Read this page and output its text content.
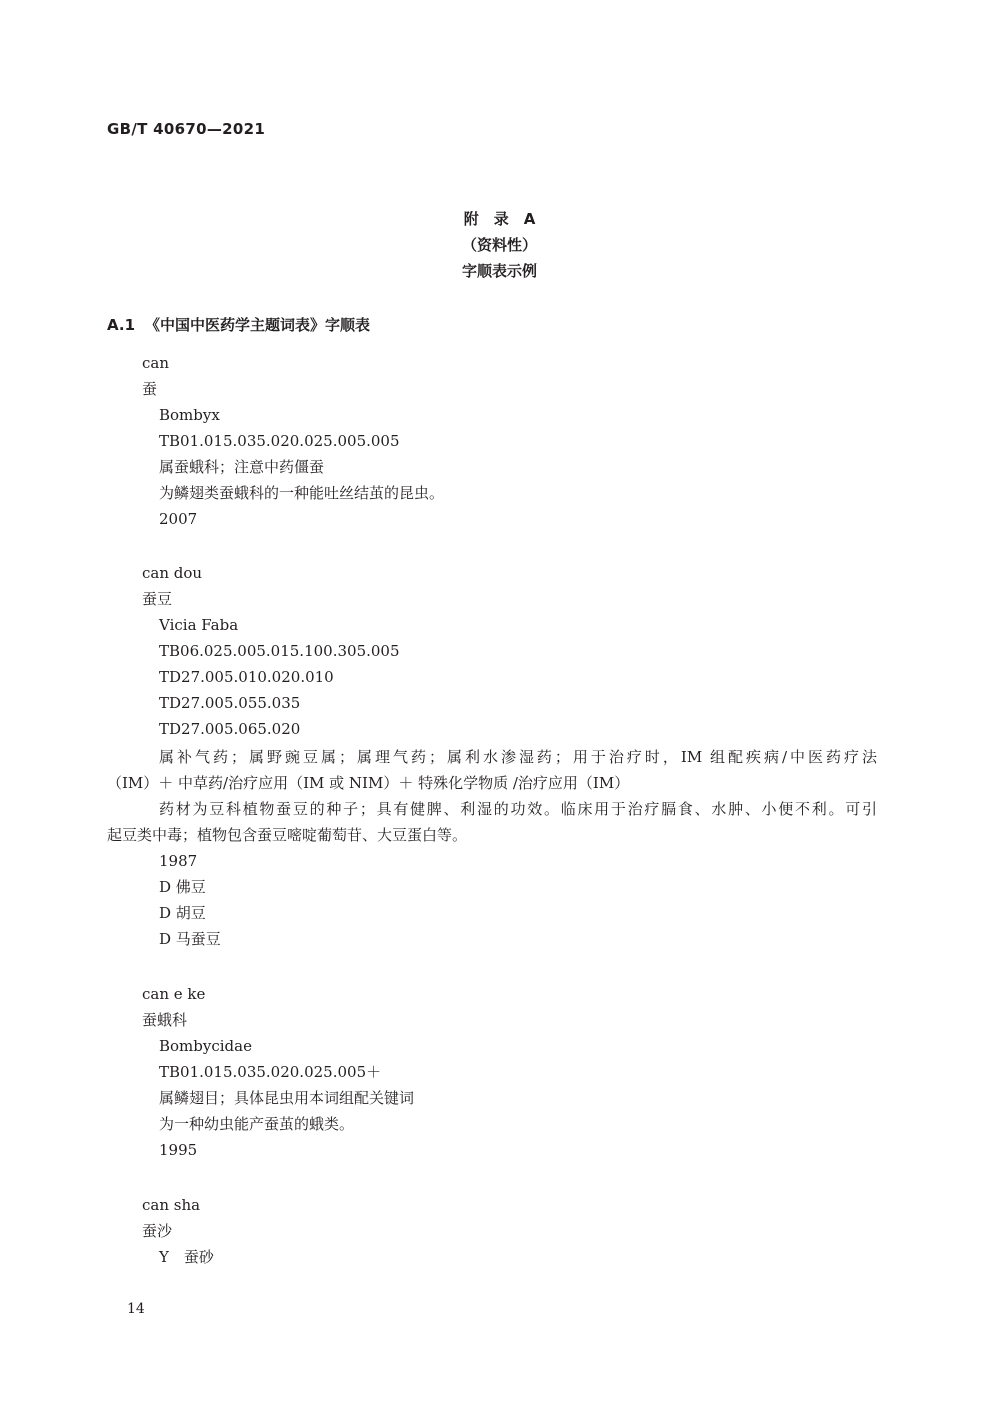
GB/T 40670—2021
附　录　A
（资料性）
字顺表示例
A.1 《中国中医药学主题词表》字顺表
can
蚕
Bombyx
TB01.015.035.020.025.005.005
属蚕蛾科；注意中药僵蚕
为鳞翅类蚕蛾科的一种能吐丝结茧的昆虫。
2007
can dou
蚕豆
Vicia Faba
TB06.025.005.015.100.305.005
TD27.005.010.020.010
TD27.005.055.035
TD27.005.065.020
属补气药；属野豌豆属；属理气药；属利水渗湿药；用于治疗时，IM 组配疾病/中医药疗法
（IM）＋ 中草药/治疗应用（IM 或 NIM）＋ 特殊化学物质 /治疗应用（IM）
药材为豆科植物蚕豆的种子；具有健脾、利湿的功效。临床用于治疗膈食、水肿、小便不利。可引
起豆类中毒；植物包含蚕豆嘧啶葡萄苷、大豆蛋白等。
1987
D 佛豆
D 胡豆
D 马蚕豆
can e ke
蚕蛾科
Bombycidae
TB01.015.035.020.025.005＋
属鳞翅目；具体昆虫用本词组配关键词
为一种幼虫能产蚕茧的蛾类。
1995
can sha
蚕沙
Y　蚕砂
14
